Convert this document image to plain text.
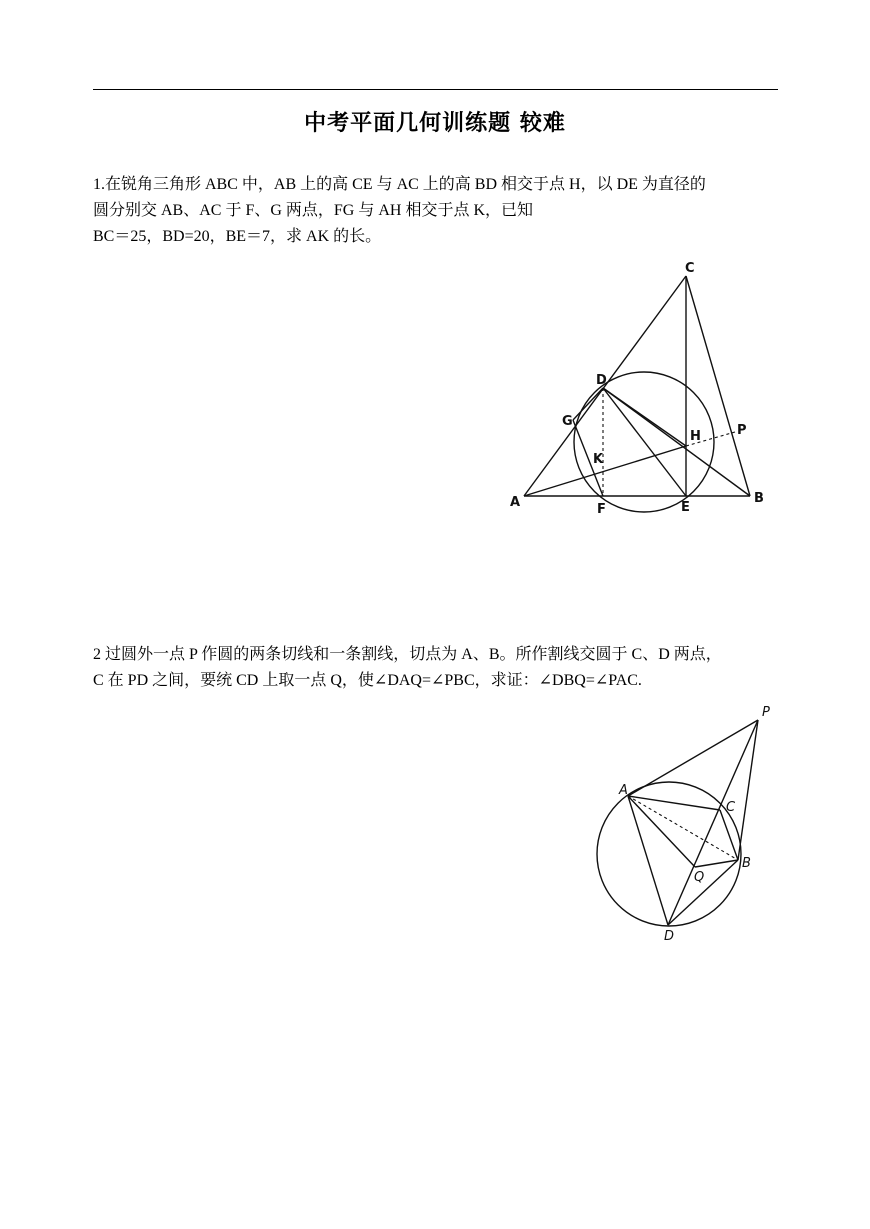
中考平面几何训练题 较难

1.在锐角三角形 ABC 中，AB 上的高 CE 与 AC 上的高 BD 相交于点 H，以 DE 为直径的

圆分别交 AB、AC 于 F、G 两点，FG 与 AH 相交于点 K，已知

BC＝25，BD=20，BE＝7，求 AK 的长。

C
D
G
H	P
K
A	F	E
B

2 过圆外一点 P 作圆的两条切线和一条割线，切点为 A、B。所作割线交圆于 C、D 两点，

C 在 PD 之间，要统 CD 上取一点 Q，使∠DAQ=∠PBC，求证：∠DBQ=∠PAC.

P
A
C
B
Q
D
